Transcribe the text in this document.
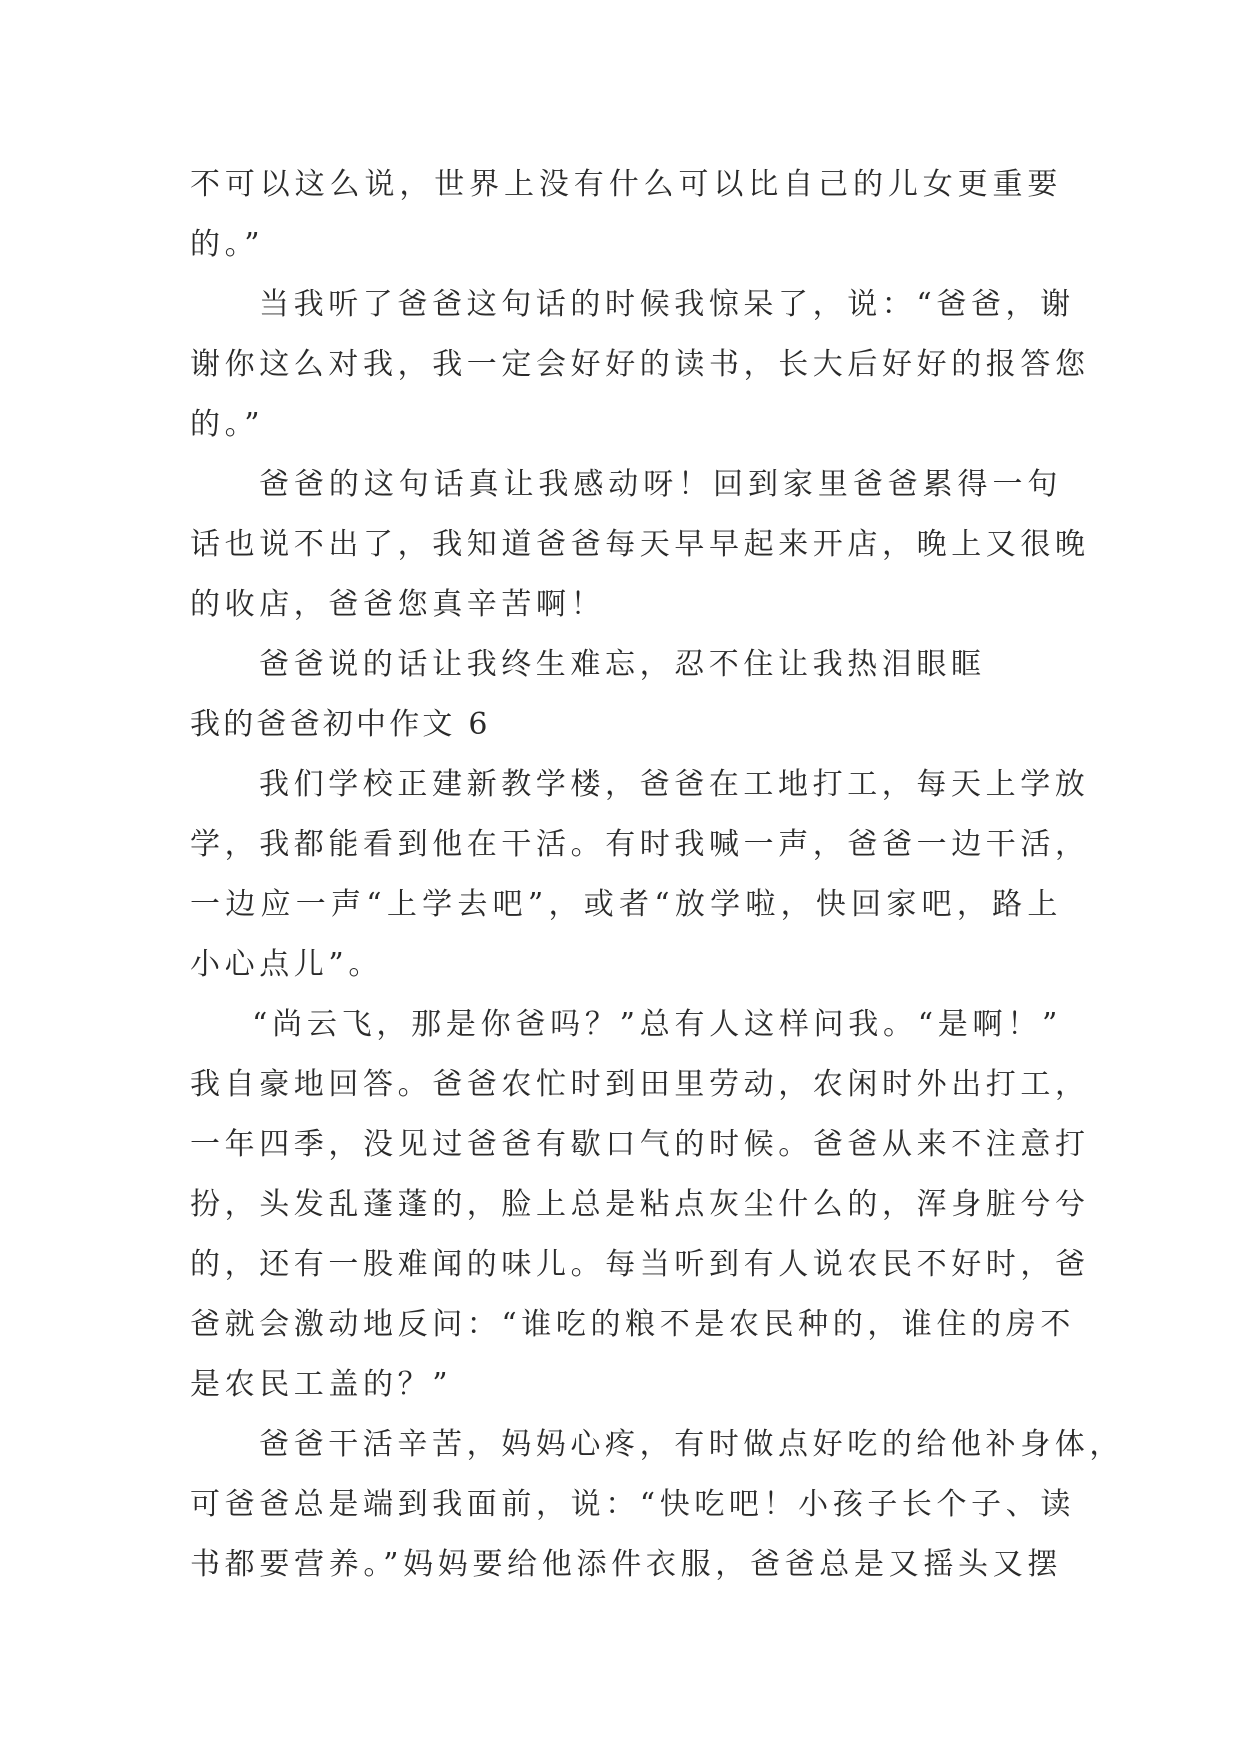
不可以这么说，世界上没有什么可以比自己的儿女更重要
的。”
当我听了爸爸这句话的时候我惊呆了，说：“爸爸，谢
谢你这么对我，我一定会好好的读书，长大后好好的报答您
的。”
爸爸的这句话真让我感动呀！回到家里爸爸累得一句
话也说不出了，我知道爸爸每天早早起来开店，晚上又很晚
的收店，爸爸您真辛苦啊！
爸爸说的话让我终生难忘，忍不住让我热泪眼眶
我的爸爸初中作文 6
我们学校正建新教学楼，爸爸在工地打工，每天上学放
学，我都能看到他在干活。有时我喊一声，爸爸一边干活，
一边应一声“上学去吧”，或者“放学啦，快回家吧，路上
小心点儿”。
“尚云飞，那是你爸吗？”总有人这样问我。“是啊！”
我自豪地回答。爸爸农忙时到田里劳动，农闲时外出打工，
一年四季，没见过爸爸有歇口气的时候。爸爸从来不注意打
扮，头发乱蓬蓬的，脸上总是粘点灰尘什么的，浑身脏兮兮
的，还有一股难闻的味儿。每当听到有人说农民不好时，爸
爸就会激动地反问：“谁吃的粮不是农民种的，谁住的房不
是农民工盖的？”
爸爸干活辛苦，妈妈心疼，有时做点好吃的给他补身体，
可爸爸总是端到我面前，说：“快吃吧！小孩子长个子、读
书都要营养。”妈妈要给他添件衣服，爸爸总是又摇头又摆
